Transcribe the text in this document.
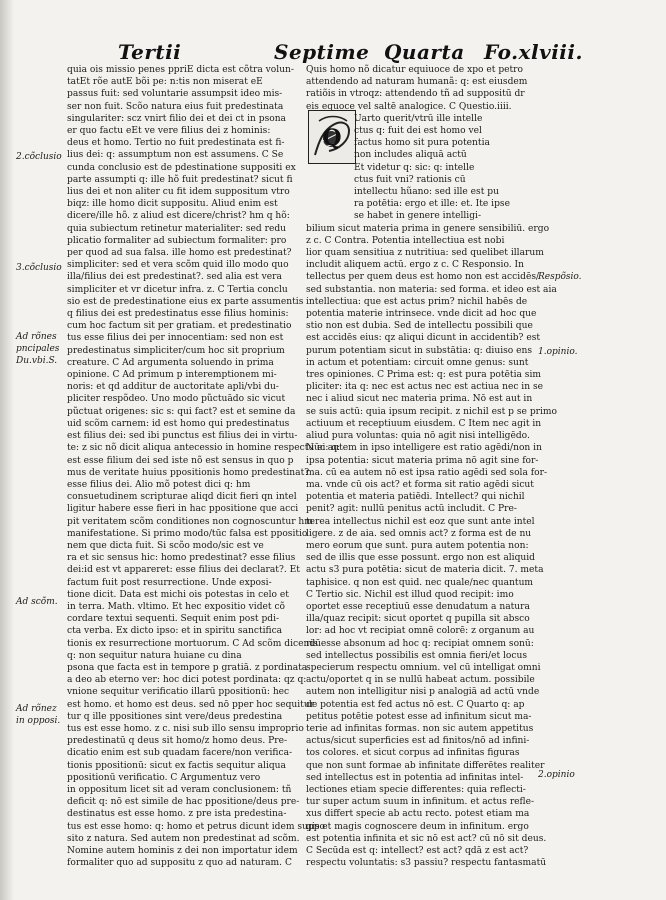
Tertii	Septime Quarta Fo.xlviii.
2.cõclusio
3.cõclusio
Ad rõnes
pncipales
Du.vbi.S.
Ad scõm.
Ad rõnez
in opposi.
Respõsio.
1.opinio.
2.opinio
Q
quia ois missio penes ppriE dicta est cõtra volun-
tatEt rõe autE bõi pe: n:tis non miserat eE
passus fuit: sed voluntarie assumpsit ideo mis-
ser non fuit. Scõo natura eius fuit predestinata
singulariter: scz vnirt filio dei et dei ct in psona
er quo factu eEt ve vere filius dei z hominis:
deus et homo. Tertio no fuit predestinata est fi-
lius dei: q: assumptum non est assumens. C Se
cunda conclusio est de pdestinatione suppositi ex
parte assumpti q: ille hõ fuit predestinat? sicut fi
lius dei et non aliter cu fit idem suppositum vtro
biqz: ille homo dicit suppositu. Aliud enim est
dicere/ille hõ. z aliud est dicere/christ? hm q hõ:
quia subiectum retinetur materialiter: sed redu
plicatio formaliter ad subiectum formaliter: pro
per quod ad sua falsa. ille homo est predestinat?
simpliciter: sed et vera scõm quid illo modo quo
illa/filius dei est predestinat?. sed alia est vera
simpliciter et vr dicetur infra. z. C Tertia conclu
sio est de predestinatione eius ex parte assumentis
q filius dei est predestinatus esse filius hominis:
cum hoc factum sit per gratiam. et predestinatio
tus esse filius dei per innocentiam: sed non est
predestinatus simpliciter/cum hoc sit proprium
creature. C Ad argumenta soluendo in prima
opinione. C Ad primum p interemptionem mi-
noris: et qd additur de auctoritate apli/vbi du-
pliciter respõdeo. Uno modo pũctuādo sic vicut
pũctuat origenes: sic s: qui fact? est et semine da
uid scõm carnem: id est homo qui predestinatus
est filius dei: sed ibi punctus est filius dei in virtu-
te: z sic nõ dicit aliqua antecessio in homine respectu ei: q:
est esse filium dei sed iste nõ est sensus in quo p
mus de veritate huius ppositionis homo predestinat?
esse filius dei. Alio mõ potest dici q: hm
consuetudinem scripturae aliqd dicit fieri qn intel
ligitur habere esse fieri in hac ppositione que acci
pit veritatem scõm conditiones non cognoscuntur hm
manifestatione. Si primo modo/tūc falsa est ppositio
nem que dicta fuit. Si scõo modo/sic est ve
ra et sic sensus hic: homo predestinat? esse filius
dei:id est vt appareret: esse filius dei declarat?. Et
factum fuit post resurrectione. Unde exposi-
tione dicit. Data est michi ois potestas in celo et
in terra. Math. vltimo. Et hec expositio videt cõ
cordare textui sequenti. Sequit enim post pdi-
cta verba. Ex dicto ipso: et in spiritu sanctifica
tionis ex resurrectione mortuorum. C Ad scõm dicendū
q: non sequitur natura huiane cu dina
psona que facta est in tempore p gratiā. z pordinata
a deo ab eterno ver: hoc dici potest pordinata: qz q:
vnione sequitur verificatio illarū ppositionū: hec
est homo. et homo est deus. sed nō pper hoc sequitur
tur q ille ppositiones sint vere/deus predestina
tus est esse homo. z c. nisi sub illo sensu improprio
predestinatū q deus sit homo/z homo deus. Pre-
dicatio enim est sub quadam facere/non verifica-
tionis ppositionū: sicut ex factis sequitur aliqua
ppositionū verificatio. C Argumentuz vero
in oppositum licet sit ad veram conclusionem: tñ
deficit q: nō est simile de hac ppositione/deus pre-
destinatus est esse homo. z pre ista predestina-
tus est esse homo: q: homo et petrus dicunt idem suppo
sito z natura. Sed autem non predestinat ad scõm.
Nomine autem hominis z dei non importatur idem
formaliter quo ad suppositu z quo ad naturam. C
Quis homo nõ dicatur equiuoce de xpo et petro
attendendo ad naturam humanã: q: est eiusdem
ratiõis in vtroqz: attendendo tñ ad suppositū dr
eis equoce vel saltē analogice. C Questio.iiii.
Uarto querit/vtrū ille intelle
ctus q: fuit dei est homo vel
factus homo sit pura potentia
non includes aliquā actū
Et videtur q: sic: q: intelle
ctus fuit vni? rationis cū
intellectu hũano: sed ille est pu
ra potētia: ergo et ille: et. Ite ipse
se habet in genere intelligi-
bilium sicut materia prima in genere sensibiliū. ergo
z c. C Contra. Potentia intellectiua est nobi
lior quam sensitiua z nutritiua: sed quelibet illarum
includit aliquem actū. ergo z c. C Responsio. In
tellectus per quem deus est homo non est accidēs/
sed substantia. non materia: sed forma. et ideo est aia
intellectiua: que est actus prim? nichil habēs de
potentia materie intrinsece. vnde dicit ad hoc que
stio non est dubia. Sed de intellectu possibili que
est accidēs eius: qz aliqui dicunt in accidentib? est
purum potentiam sicut in substātia: q: diuiso ens
in actum et potentiam: circuit omne genus: sunt
tres opiniones. C Prima est: q: est pura potētia sim
pliciter: ita q: nec est actus nec est actiua nec in se
nec i aliud sicut nec materia prima. Nō est aut in
se suis actū: quia ipsum recipit. z nichil est p se primo
actiuum et receptiuum eiusdem. C Item nec agit in
aliud pura voluntas: quia nō agit nisi intelligēdo.
Nūc autem in ipso intelligere est ratio agēdi/non in
ipsa potentia: sicut materia prima nō agit sine for-
ma. cū ea autem nō est ipsa ratio agēdi sed sola for-
ma. vnde cū ois act? et forma sit ratio agēdi sicut
potentia et materia patiēdi. Intellect? qui nichil
penit? agit: nullū penitus actū includit. C Pre-
terea intellectus nichil est eoz que sunt ante intel
ligere. z de aia. sed omnis act? z forma est de nu
mero eorum que sunt. pura autem potentia non:
sed de illis que esse possunt. ergo non est aliquid
actu s3 pura potētia: sicut de materia dicit. 7. meta
taphisice. q non est quid. nec quale/nec quantum
C Tertio sic. Nichil est illud quod recipit: imo
oportet esse receptiuū esse denudatum a natura
illa/quaz recipit: sicut oportet q pupilla sit absco
lor: ad hoc vt recipiat omnē colorē: z organum au
ris esse absonum ad hoc q: recipiat omnem sonū:
sed intellectus possibilis est omnia fieri/et locus
specierum respectu omnium. vel cū intelligat omni
actu/oportet q in se nullū habeat actum. possibile
autem non intelligitur nisi p analogiā ad actū vnde
de potentia est fed actus nō est. C Quarto q: ap
petitus potētie potest esse ad infinitum sicut ma-
terie ad infinitas formas. non sic autem appetitus
actus/sicut superficies est ad finitos/nō ad infini-
tos colores. et sicut corpus ad infinitas figuras
que non sunt formae ab infinitate differētes realiter
sed intellectus est in potentia ad infinitas intel-
lectiones etiam specie differentes: quia reflecti-
tur super actum suum in infinitum. et actus refle-
xus differt specie ab actu recto. potest etiam ma
gis et magis cognoscere deum in infinitum. ergo
est potentia infinita et sic nō est act? cū nō sit deus.
C Secūda est q: intellect? est act? qdā z est act?
respectu voluntatis: s3 passiu? respectu fantasmatū
